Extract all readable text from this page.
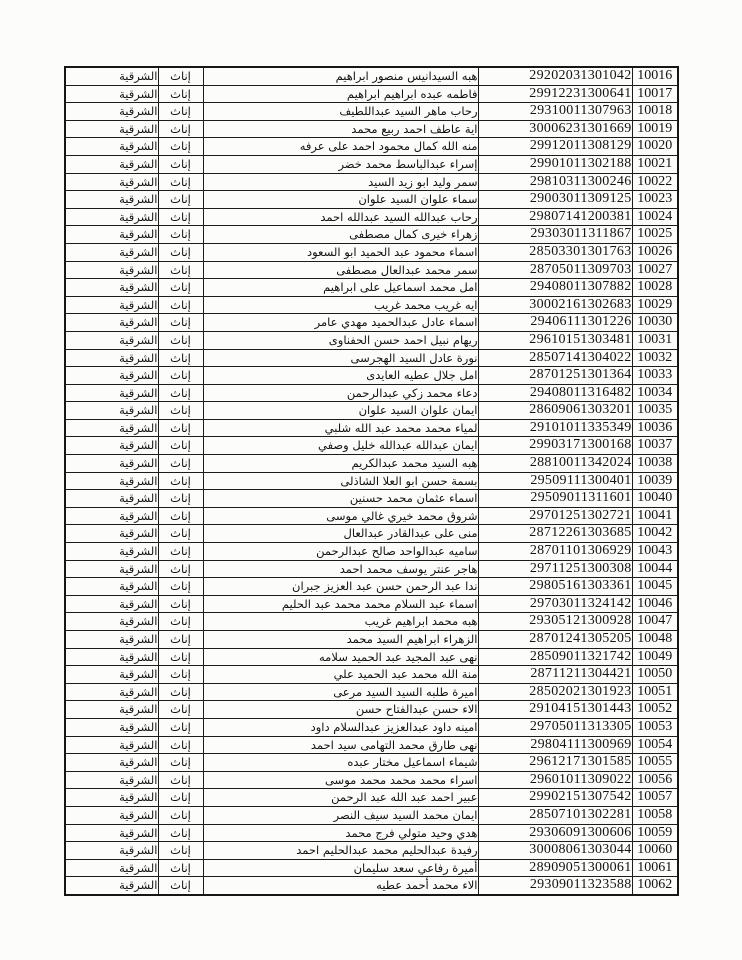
الشرقية	إناث	هبه السيدانيس منصور ابراهيم	29202031301042	10016
الشرقية	إناث	فاطمه عبده ابراهيم ابراهيم	29912231300641	10017
الشرقية	إناث	رحاب ماهر السيد عبداللطيف	29310011307963	10018
الشرقية	إناث	اية عاطف احمد ربيع محمد	30006231301669	10019
الشرقية	إناث	منه الله كمال محمود احمد على عرفه	29912011308129	10020
الشرقية	إناث	إسراء عبدالباسط محمد خضر	29901011302188	10021
الشرقية	إناث	سمر وليد ابو زيد السيد	29810311300246	10022
الشرقية	إناث	سماء علوان السيد علوان	29003011309125	10023
الشرقية	إناث	رحاب عبدالله السيد عبدالله احمد	29807141200381	10024
الشرقية	إناث	زهراء خيرى كمال مصطفى	29303011311867	10025
الشرقية	إناث	اسماء محمود عبد الحميد ابو السعود	28503301301763	10026
الشرقية	إناث	سمر محمد عبدالعال مصطفى	28705011309703	10027
الشرقية	إناث	امل محمد اسماعيل على ابراهيم	29408011307882	10028
الشرقية	إناث	ايه غريب محمد غريب	30002161302683	10029
الشرقية	إناث	اسماء عادل عبدالحميد مهدي عامر	29406111301226	10030
الشرقية	إناث	ريهام نبيل احمد حسن الحفناوى	29610151303481	10031
الشرقية	إناث	نورة عادل السيد الهجرسى	28507141304022	10032
الشرقية	إناث	امل جلال عطيه العايدى	28701251301364	10033
الشرقية	إناث	دعاء محمد زكي عبدالرحمن	29408011316482	10034
الشرقية	إناث	ايمان علوان السيد علوان	28609061303201	10035
الشرقية	إناث	لمياء محمد محمد عبد الله شلبي	29101011335349	10036
الشرقية	إناث	ايمان عبدالله عبدالله خليل وصفي	29903171300168	10037
الشرقية	إناث	هبه السيد محمد عبدالكريم	28810011342024	10038
الشرقية	إناث	بسمة حسن ابو العلا الشاذلى	29509111300401	10039
الشرقية	إناث	اسماء عثمان محمد حسنين	29509011311601	10040
الشرقية	إناث	شروق محمد خيري غالي موسى	29701251302721	10041
الشرقية	إناث	منى على عبدالقادر عبدالعال	28712261303685	10042
الشرقية	إناث	ساميه عبدالواحد صالح عبدالرحمن	28701101306929	10043
الشرقية	إناث	هاجر عنتر يوسف محمد احمد	29711251300308	10044
الشرقية	إناث	ندا عبد الرحمن حسن عبد العزيز جبران	29805161303361	10045
الشرقية	إناث	اسماء عبد السلام محمد محمد عبد الحليم	29703011324142	10046
الشرقية	إناث	هبه محمد ابراهيم غريب	29305121300928	10047
الشرقية	إناث	الزهراء ابراهيم السيد محمد	28701241305205	10048
الشرقية	إناث	نهى عبد المجيد عبد الحميد سلامه	28509011321742	10049
الشرقية	إناث	منة الله محمد عبد الحميد علي	28711211304421	10050
الشرقية	إناث	اميرة طلبه السيد السيد مرعى	28502021301923	10051
الشرقية	إناث	الاء حسن عبدالفتاح حسن	29104151301443	10052
الشرقية	إناث	امينه داود عبدالعزيز عبدالسلام داود	29705011313305	10053
الشرقية	إناث	نهى طارق محمد التهامى سيد احمد	29804111300969	10054
الشرقية	إناث	شيماء اسماعيل مختار عبده	29612171301585	10055
الشرقية	إناث	اسراء محمد محمد محمد موسى	29601011309022	10056
الشرقية	إناث	عبير احمد عبد الله عبد الرحمن	29902151307542	10057
الشرقية	إناث	ايمان محمد السيد سيف النصر	28507101302281	10058
الشرقية	إناث	هدي وحيد متولي فرج محمد	29306091300606	10059
الشرقية	إناث	رفيدة عبدالحليم محمد عبدالحليم احمد	30008061303044	10060
الشرقية	إناث	أميرة رفاعي سعد سليمان	28909051300061	10061
الشرقية	إناث	الاء محمد أحمد عطيه	29309011323588	10062
